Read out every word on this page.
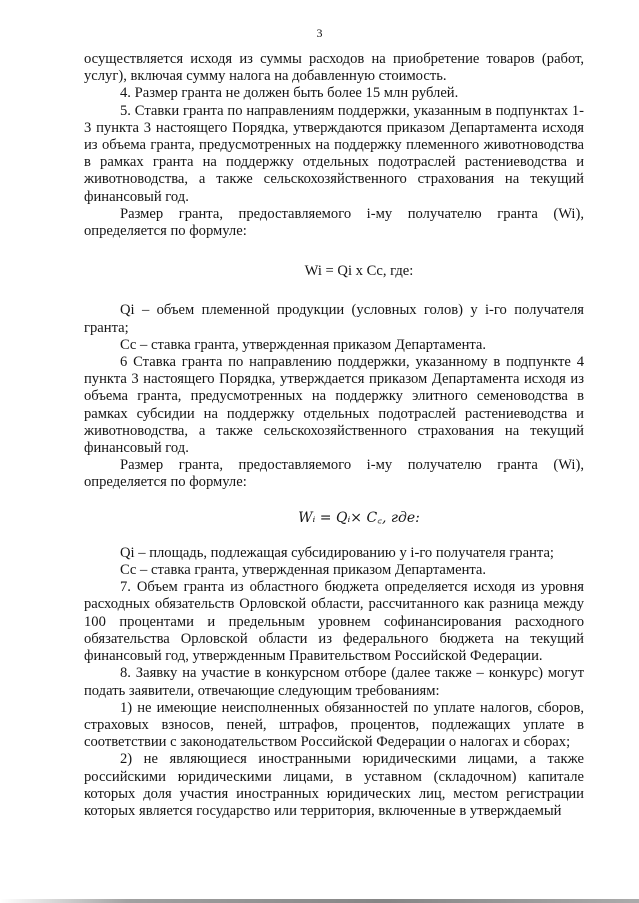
3

осуществляется исходя из суммы расходов на приобретение товаров (работ, услуг), включая сумму налога на добавленную стоимость.

4. Размер гранта не должен быть более 15 млн рублей.

5. Ставки гранта по направлениям поддержки, указанным в подпунктах 1-3 пункта 3 настоящего Порядка, утверждаются приказом Департамента исходя из объема гранта, предусмотренных на поддержку племенного животноводства в рамках гранта на поддержку отдельных подотраслей растениеводства и животноводства, а также сельскохозяйственного страхования на текущий финансовый год.

Размер гранта, предоставляемого i-му получателю гранта (Wi), определяется по формуле:

Wi = Qi x Cc, где:

Qi – объем племенной продукции (условных голов) у i-го получателя гранта;

Сс – ставка гранта, утвержденная приказом Департамента.

6 Ставка гранта по направлению поддержки, указанному в подпункте 4 пункта 3 настоящего Порядка, утверждается приказом Департамента исходя из объема гранта, предусмотренных на поддержку элитного семеноводства в рамках субсидии на поддержку отдельных подотраслей растениеводства и животноводства, а также сельскохозяйственного страхования на текущий финансовый год.

Размер гранта, предоставляемого i-му получателю гранта (Wi), определяется по формуле:

Wᵢ = Qᵢ× C꜀, где:

Qi – площадь, подлежащая субсидированию у i-го получателя гранта;

Сс – ставка гранта, утвержденная приказом Департамента.

7. Объем гранта из областного бюджета определяется исходя из уровня расходных обязательств Орловской области, рассчитанного как разница между 100 процентами и предельным уровнем софинансирования расходного обязательства Орловской области из федерального бюджета на текущий финансовый год, утвержденным Правительством Российской Федерации.

8. Заявку на участие в конкурсном отборе (далее также – конкурс) могут подать заявители, отвечающие следующим требованиям:

1) не имеющие неисполненных обязанностей по уплате налогов, сборов, страховых взносов, пеней, штрафов, процентов, подлежащих уплате в соответствии с законодательством Российской Федерации о налогах и сборах;

2) не являющиеся иностранными юридическими лицами, а также российскими юридическими лицами, в уставном (складочном) капитале которых доля участия иностранных юридических лиц, местом регистрации которых является государство или территория, включенные в утверждаемый
